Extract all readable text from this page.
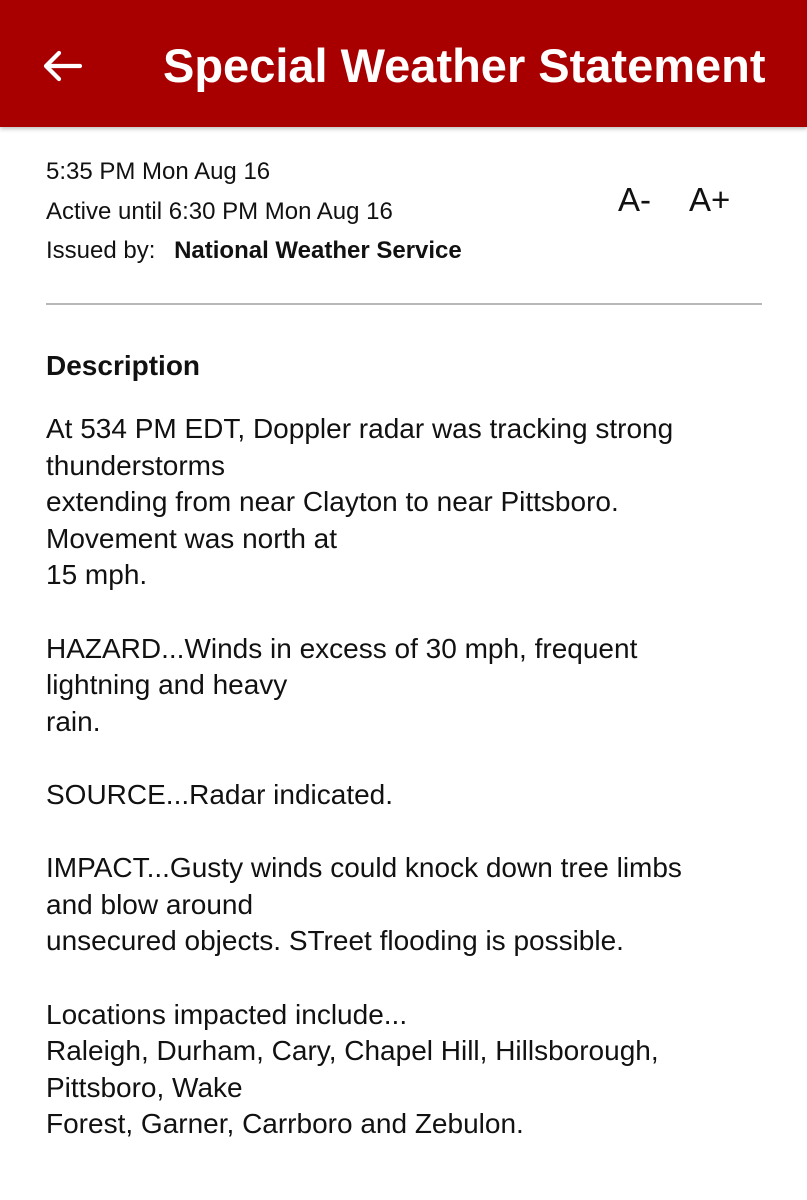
Special Weather Statement
5:35 PM Mon Aug 16
Active until 6:30 PM Mon Aug 16
Issued by: National Weather Service
A- A+
Description

At 534 PM EDT, Doppler radar was tracking strong
thunderstorms
extending from near Clayton to near Pittsboro.
Movement was north at
15 mph.

HAZARD...Winds in excess of 30 mph, frequent
lightning and heavy
rain.

SOURCE...Radar indicated.

IMPACT...Gusty winds could knock down tree limbs
and blow around
unsecured objects. STreet flooding is possible.

Locations impacted include...
Raleigh, Durham, Cary, Chapel Hill, Hillsborough,
Pittsboro, Wake
Forest, Garner, Carrboro and Zebulon.
